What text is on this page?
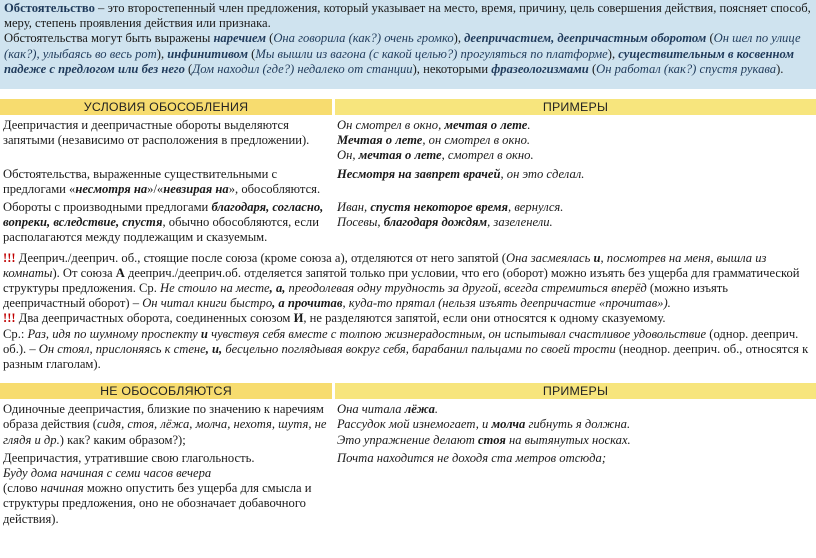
Обстоятельство – это второстепенный член предложения, который указывает на место, время, причину, цель совершения действия, поясняет способ, меру, степень проявления действия или признака.
Обстоятельства могут быть выражены наречием (Она говорила (как?) очень громко), деепричастием, деепричастным оборотом (Он шел по улице (как?), улыбаясь во весь рот), инфинитивом (Мы вышли из вагона (с какой целью?) прогуляться по платформе), существительным в косвенном падеже с предлогом или без него (Дом находил (где?) недалеко от станции), некоторыми фразеологизмами (Он работал (как?) спустя рукава).
УСЛОВИЯ ОБОСОБЛЕНИЯ	ПРИМЕРЫ
Деепричастия и деепричастные обороты выделяются запятыми (независимо от расположения в предложении).
Он смотрел в окно, мечтая о лете.
Мечтая о лете, он смотрел в окно.
Он, мечтая о лете, смотрел в окно.
Обстоятельства, выраженные существительными с предлогами «несмотря на»/«невзирая на», обособляются.
Несмотря на завпрет врачей, он это сделал.
Обороты с производными предлогами благодаря, согласно, вопреки, вследствие, спустя, обычно обособляются, если располагаются между подлежащим и сказуемым.
Иван, спустя некоторое время, вернулся.
Посевы, благодаря дождям, зазеленели.
!!! Дееприч./дееприч. об., стоящие после союза (кроме союза а), отделяются от него запятой (Она засмеялась и, посмотрев на меня, вышла из комнаты). От союза А дееприч./дееприч.об. отделяется запятой только при условии, что его (оборот) можно изъять без ущерба для грамматической структуры предложения. Ср. Не стоило на месте, а, преодолевая одну трудность за другой, всегда стремиться вперёд (можно изъять деепричастный оборот) – Он читал книги быстро, а прочитав, куда-то прятал (нельзя изъять деепричастие «прочитав»).
!!! Два деепричастных оборота, соединенных союзом И, не разделяются запятой, если они относятся к одному сказуемому.
Ср.: Раз, идя по шумному проспекту и чувствуя себя вместе с толпою жизнерадостным, он испытывал счастливое удовольствие (однор. дееприч. об.). – Он стоял, прислоняясь к стене, и, бесцельно поглядывая вокруг себя, барабанил пальцами по своей трости (неоднор. дееприч. об., относятся к разным глаголам).
НЕ ОБОСОБЛЯЮТСЯ	ПРИМЕРЫ
Одиночные деепричастия, близкие по значению к наречиям образа действия (сидя, стоя, лёжа, молча, нехотя, шутя, не глядя и др.) как? каким образом?);
Она читала лёжа.
Рассудок мой изнемогает, и молча гибнуть я должна.
Это упражнение делают стоя на вытянутых носках.
Деепричастия, утратившие свою глагольность.
Буду дома начиная с семи часов вечера
(слово начиная можно опустить без ущерба для смысла и структуры предложения, оно не обозначает добавочного действия).
Почта находится не доходя ста метров отсюда;
